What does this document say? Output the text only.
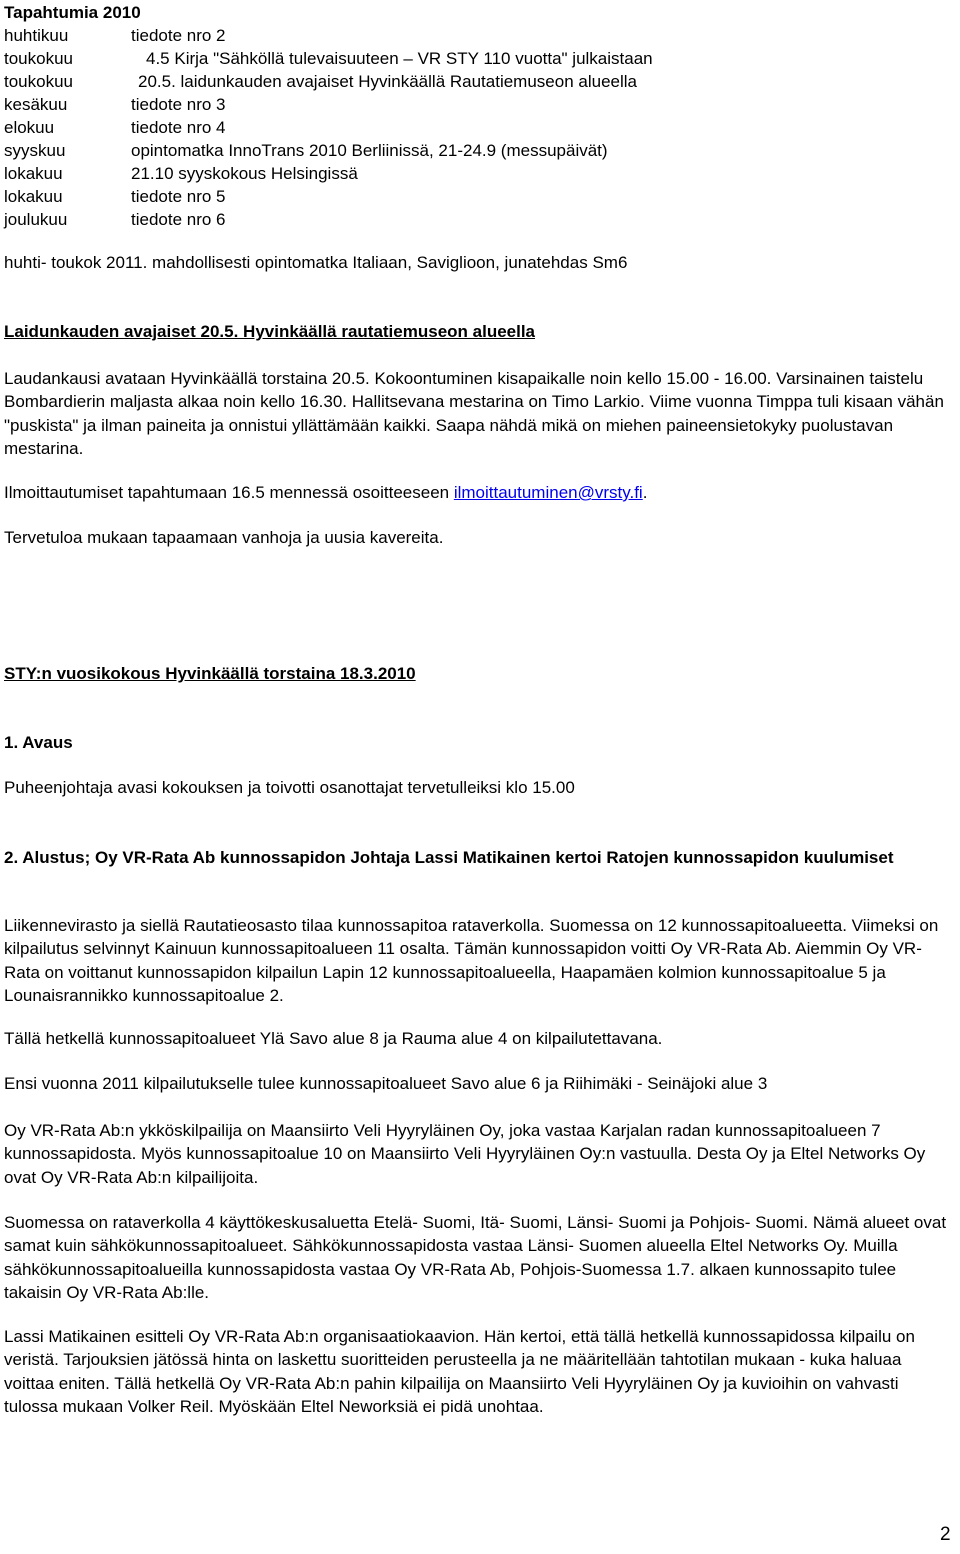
Tapahtumia 2010
huhtikuu	tiedote nro 2
toukokuu	4.5 Kirja "Sähköllä tulevaisuuteen – VR STY 110 vuotta" julkaistaan
toukokuu	20.5. laidunkauden avajaiset Hyvinkäällä Rautatiemuseon alueella
kesäkuu	tiedote nro 3
elokuu	tiedote nro 4
syyskuu	opintomatka InnoTrans 2010 Berliinissä, 21-24.9 (messupäivät)
lokakuu	21.10 syyskokous Helsingissä
lokakuu	tiedote nro 5
joulukuu	tiedote nro 6
huhti- toukok 2011. mahdollisesti opintomatka Italiaan, Saviglioon, junatehdas Sm6
Laidunkauden avajaiset 20.5. Hyvinkäällä rautatiemuseon alueella
Laudankausi avataan Hyvinkäällä torstaina 20.5. Kokoontuminen kisapaikalle noin kello 15.00 - 16.00. Varsinainen taistelu Bombardierin maljasta alkaa noin kello 16.30. Hallitsevana mestarina on Timo Larkio. Viime vuonna Timppa tuli kisaan vähän "puskista" ja ilman paineita ja onnistui yllättämään kaikki. Saapa nähdä mikä on miehen paineensietokyky puolustavan mestarina.
Ilmoittautumiset tapahtumaan 16.5 mennessä osoitteeseen ilmoittautuminen@vrsty.fi.
Tervetuloa mukaan tapaamaan vanhoja ja uusia kavereita.
STY:n vuosikokous Hyvinkäällä torstaina 18.3.2010
1. Avaus
Puheenjohtaja avasi kokouksen ja toivotti osanottajat tervetulleiksi klo 15.00
2. Alustus; Oy VR-Rata Ab kunnossapidon Johtaja Lassi Matikainen kertoi Ratojen kunnossapidon kuulumiset
Liikennevirasto ja siellä Rautatieosasto tilaa kunnossapitoa rataverkolla. Suomessa on 12 kunnossapitoalueetta. Viimeksi on kilpailutus selvinnyt Kainuun kunnossapitoalueen 11 osalta. Tämän kunnossapidon voitti Oy VR-Rata Ab. Aiemmin Oy VR-Rata on voittanut kunnossapidon kilpailun Lapin 12 kunnossapitoalueella, Haapamäen kolmion kunnossapitoalue 5 ja Lounaisrannikko kunnossapitoalue 2.
Tällä hetkellä kunnossapitoalueet Ylä Savo alue 8 ja Rauma alue 4 on kilpailutettavana.
Ensi vuonna 2011 kilpailutukselle tulee kunnossapitoalueet Savo alue 6 ja Riihimäki - Seinäjoki alue 3
Oy VR-Rata Ab:n ykköskilpailija on Maansiirto Veli Hyyryläinen Oy, joka vastaa Karjalan radan kunnossapitoalueen 7 kunnossapidosta. Myös kunnossapitoalue 10 on Maansiirto Veli Hyyryläinen Oy:n vastuulla. Desta Oy ja Eltel Networks Oy ovat Oy VR-Rata Ab:n kilpailijoita.
Suomessa on rataverkolla 4 käyttökeskusaluetta Etelä- Suomi, Itä- Suomi, Länsi- Suomi ja Pohjois- Suomi. Nämä alueet ovat samat kuin sähkökunnossapitoalueet. Sähkökunnossapidosta vastaa Länsi- Suomen alueella Eltel Networks Oy. Muilla sähkökunnossapitoalueilla kunnossapidosta vastaa Oy VR-Rata Ab, Pohjois-Suomessa 1.7. alkaen kunnossapito tulee takaisin Oy VR-Rata Ab:lle.
Lassi Matikainen esitteli Oy VR-Rata Ab:n organisaatiokaavion. Hän kertoi, että tällä hetkellä kunnossapidossa kilpailu on veristä. Tarjouksien jätössä hinta on laskettu suoritteiden perusteella ja ne määritellään tahtotilan mukaan - kuka haluaa voittaa eniten. Tällä hetkellä Oy VR-Rata Ab:n pahin kilpailija on Maansiirto Veli Hyyryläinen Oy ja kuvioihin on vahvasti tulossa mukaan Volker Reil. Myöskään Eltel Neworksiä ei pidä unohtaa.
2
